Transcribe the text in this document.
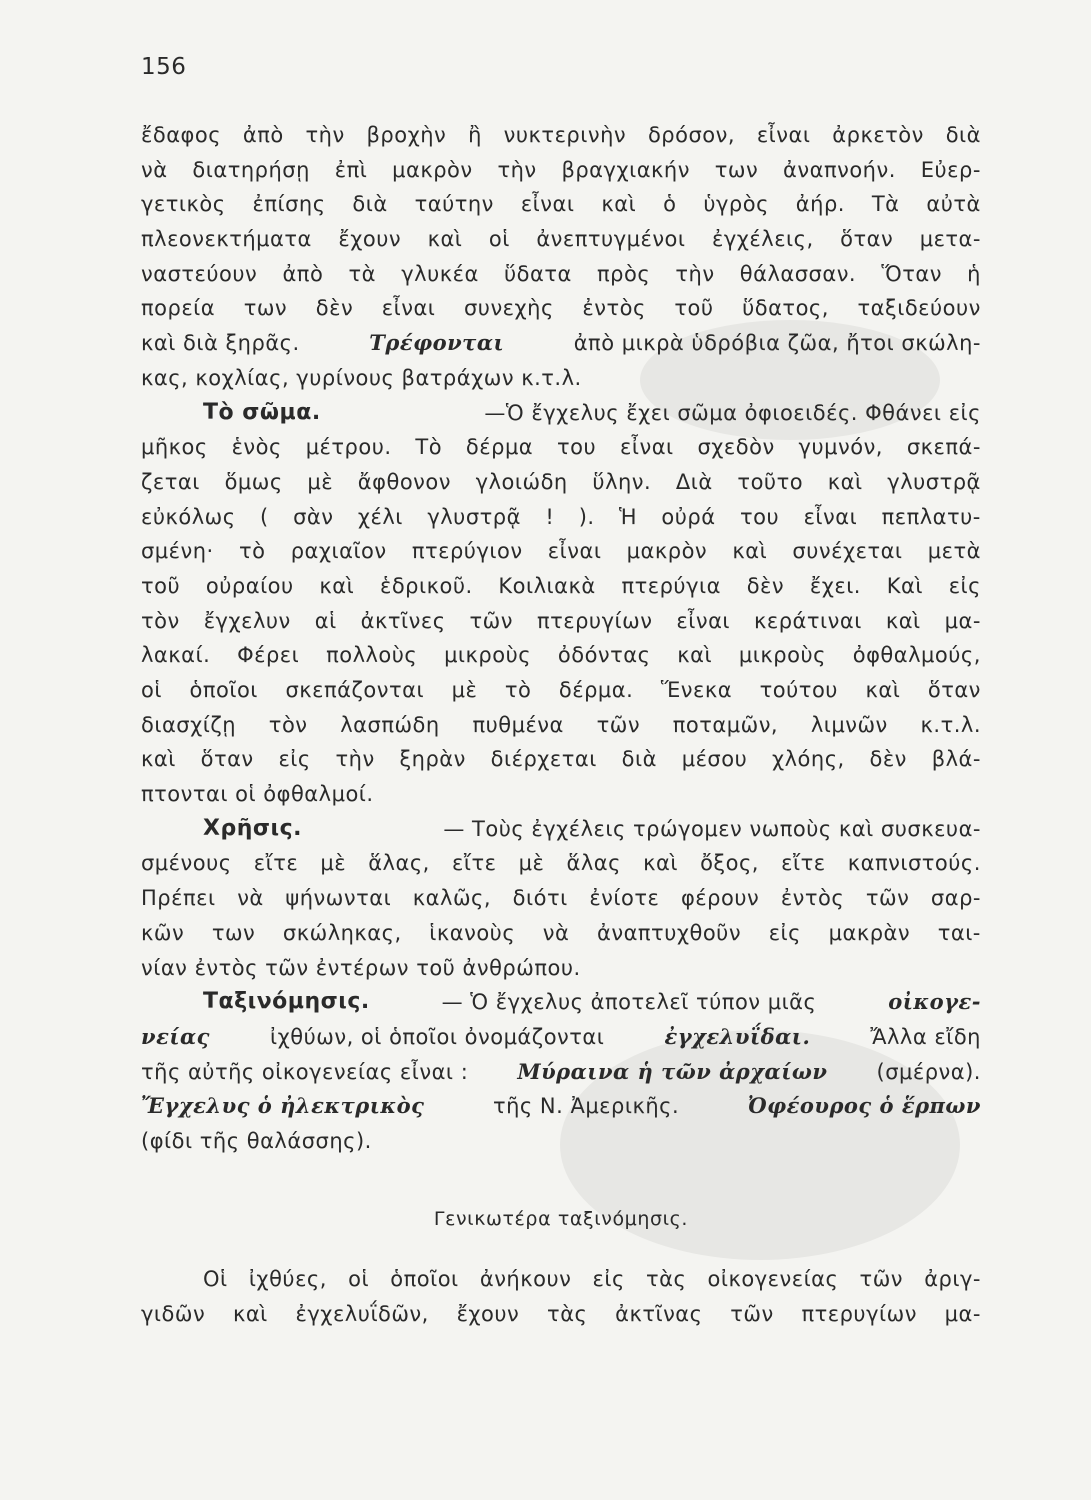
156
ἔδαφος ἀπὸ τὴν βροχὴν ἢ νυκτερινὴν δρόσον, εἶναι ἀρκετὸν διὰ
νὰ διατηρήσῃ ἐπὶ μακρὸν τὴν βραγχιακήν των ἀναπνοήν. Εὐερ-
γετικὸς ἐπίσης διὰ ταύτην εἶναι καὶ ὁ ὑγρὸς ἀήρ. Τὰ αὐτὰ
πλεονεκτήματα ἔχουν καὶ οἱ ἀνεπτυγμένοι ἐγχέλεις, ὅταν μετα-
ναστεύουν ἀπὸ τὰ γλυκέα ὕδατα πρὸς τὴν θάλασσαν. Ὅταν ἡ
πορεία των δὲν εἶναι συνεχὴς ἐντὸς τοῦ ὕδατος, ταξιδεύουν
καὶ διὰ ξηρᾶς.	Τρέφονται	ἀπὸ μικρὰ ὑδρόβια ζῶα, ἤτοι σκώλη-
κας, κοχλίας, γυρίνους βατράχων κ.τ.λ.
Τὸ σῶμα.	—Ὁ ἔγχελυς ἔχει σῶμα ὀφιοειδές. Φθάνει εἰς
μῆκος ἑνὸς μέτρου. Τὸ δέρμα του εἶναι σχεδὸν γυμνόν, σκεπά-
ζεται ὅμως μὲ ἄφθονον γλοιώδη ὕλην. Διὰ τοῦτο καὶ γλυστρᾷ
εὐκόλως ( σὰν χέλι γλυστρᾷ ! ). Ἡ οὐρά του εἶναι πεπλατυ-
σμένη· τὸ ραχιαῖον πτερύγιον εἶναι μακρὸν καὶ συνέχεται μετὰ
τοῦ οὐραίου καὶ ἑδρικοῦ. Κοιλιακὰ πτερύγια δὲν ἔχει. Καὶ εἰς
τὸν ἔγχελυν αἱ ἀκτῖνες τῶν πτερυγίων εἶναι κεράτιναι καὶ μα-
λακαί. Φέρει πολλοὺς μικροὺς ὀδόντας καὶ μικροὺς ὀφθαλμούς,
οἱ ὁποῖοι σκεπάζονται μὲ τὸ δέρμα. Ἕνεκα τούτου καὶ ὅταν
διασχίζῃ τὸν λασπώδη πυθμένα τῶν ποταμῶν, λιμνῶν κ.τ.λ.
καὶ ὅταν εἰς τὴν ξηρὰν διέρχεται διὰ μέσου χλόης, δὲν βλά-
πτονται οἱ ὀφθαλμοί.
Χρῆσις.	— Τοὺς ἐγχέλεις τρώγομεν νωποὺς καὶ συσκευα-
σμένους εἴτε μὲ ἅλας, εἴτε μὲ ἅλας καὶ ὄξος, εἴτε καπνιστούς.
Πρέπει νὰ ψήνωνται καλῶς, διότι ἐνίοτε φέρουν ἐντὸς τῶν σαρ-
κῶν των σκώληκας, ἱκανοὺς νὰ ἀναπτυχθοῦν εἰς μακρὰν ται-
νίαν ἐντὸς τῶν ἐντέρων τοῦ ἀνθρώπου.
Ταξινόμησις.	— Ὁ ἔγχελυς ἀποτελεῖ τύπον μιᾶς	οἰκογε-
νείας	ἰχθύων, οἱ ὁποῖοι ὀνομάζονται	ἐγχελυΐδαι.	Ἄλλα εἴδη
τῆς αὐτῆς οἰκογενείας εἶναι : Μύραινα ἡ τῶν ἀρχαίων (σμέρνα).
Ἔγχελυς ὁ ἠλεκτρικὸς	τῆς Ν. Ἀμερικῆς.	Ὀφέουρος ὁ ἕρπων
(φίδι τῆς θαλάσσης).
Γενικωτέρα ταξινόμησις.
Οἱ ἰχθύες, οἱ ὁποῖοι ἀνήκουν εἰς τὰς οἰκογενείας τῶν ἀριγ-
γιδῶν καὶ ἐγχελυΐδῶν, ἔχουν τὰς ἀκτῖνας τῶν πτερυγίων μα-
